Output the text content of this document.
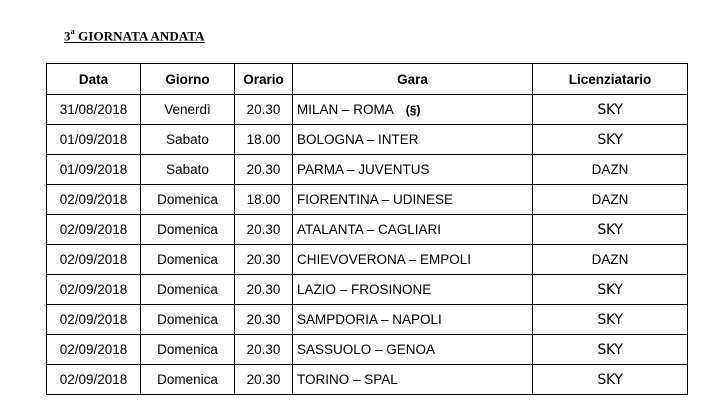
3$^a$ GIORNATA ANDATA
Data	Giorno	Orario	Gara	Licenziatario
31/08/2018	Venerdì	20.30	MILAN – ROMA (§)	SKY
01/09/2018	Sabato	18.00	BOLOGNA – INTER	SKY
01/09/2018	Sabato	20.30	PARMA – JUVENTUS	DAZN
02/09/2018	Domenica	18.00	FIORENTINA – UDINESE	DAZN
02/09/2018	Domenica	20.30	ATALANTA – CAGLIARI	SKY
02/09/2018	Domenica	20.30	CHIEVOVERONA – EMPOLI	DAZN
02/09/2018	Domenica	20.30	LAZIO – FROSINONE	SKY
02/09/2018	Domenica	20.30	SAMPDORIA – NAPOLI	SKY
02/09/2018	Domenica	20.30	SASSUOLO – GENOA	SKY
02/09/2018	Domenica	20.30	TORINO – SPAL	SKY
